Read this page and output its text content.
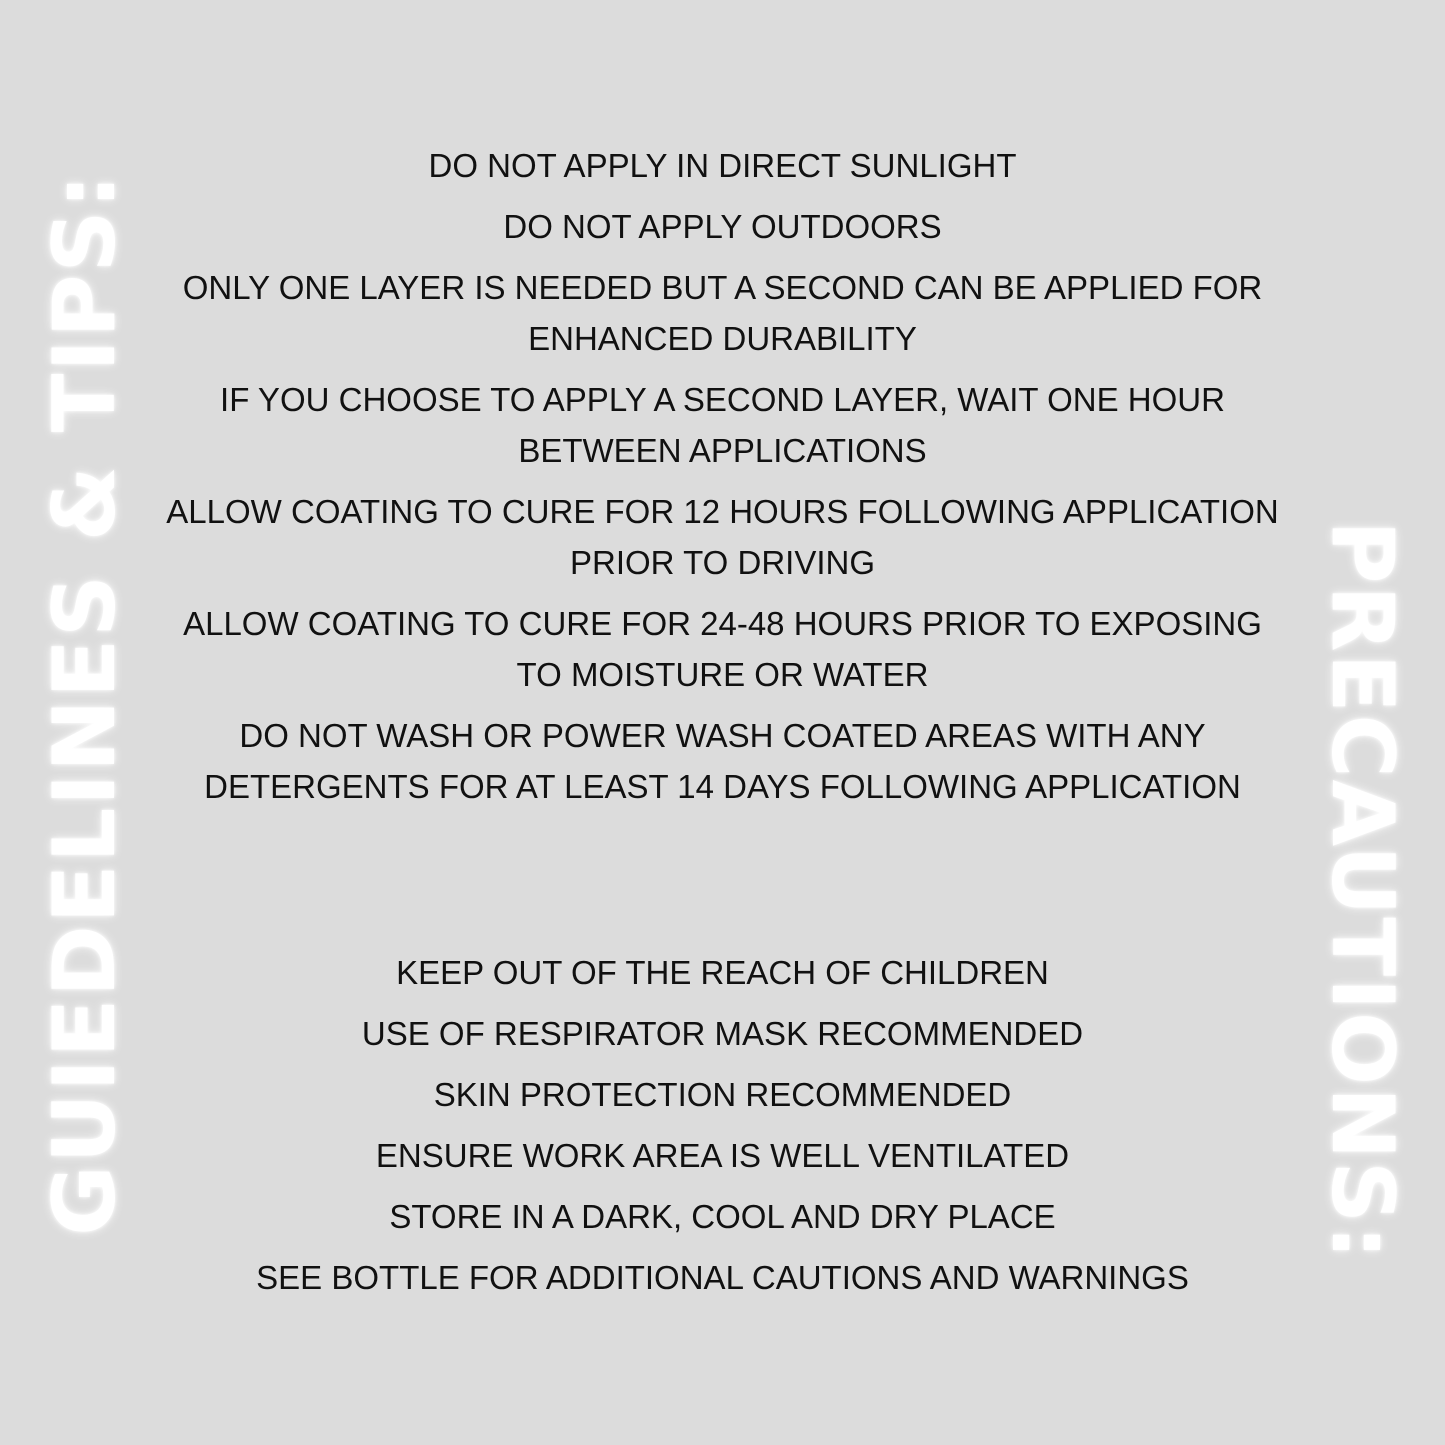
GUIEDELINES & TIPS:	PRECAUTIONS:
DO NOT APPLY IN DIRECT SUNLIGHT
DO NOT APPLY OUTDOORS
ONLY ONE LAYER IS NEEDED BUT A SECOND CAN BE APPLIED FOR
ENHANCED DURABILITY
IF YOU CHOOSE TO APPLY A SECOND LAYER, WAIT ONE HOUR
BETWEEN APPLICATIONS
ALLOW COATING TO CURE FOR 12 HOURS FOLLOWING APPLICATION
PRIOR TO DRIVING
ALLOW COATING TO CURE FOR 24-48 HOURS PRIOR TO EXPOSING
TO MOISTURE OR WATER
DO NOT WASH OR POWER WASH COATED AREAS WITH ANY
DETERGENTS FOR AT LEAST 14 DAYS FOLLOWING APPLICATION
KEEP OUT OF THE REACH OF CHILDREN
USE OF RESPIRATOR MASK RECOMMENDED
SKIN PROTECTION RECOMMENDED
ENSURE WORK AREA IS WELL VENTILATED
STORE IN A DARK, COOL AND DRY PLACE
SEE BOTTLE FOR ADDITIONAL CAUTIONS AND WARNINGS
